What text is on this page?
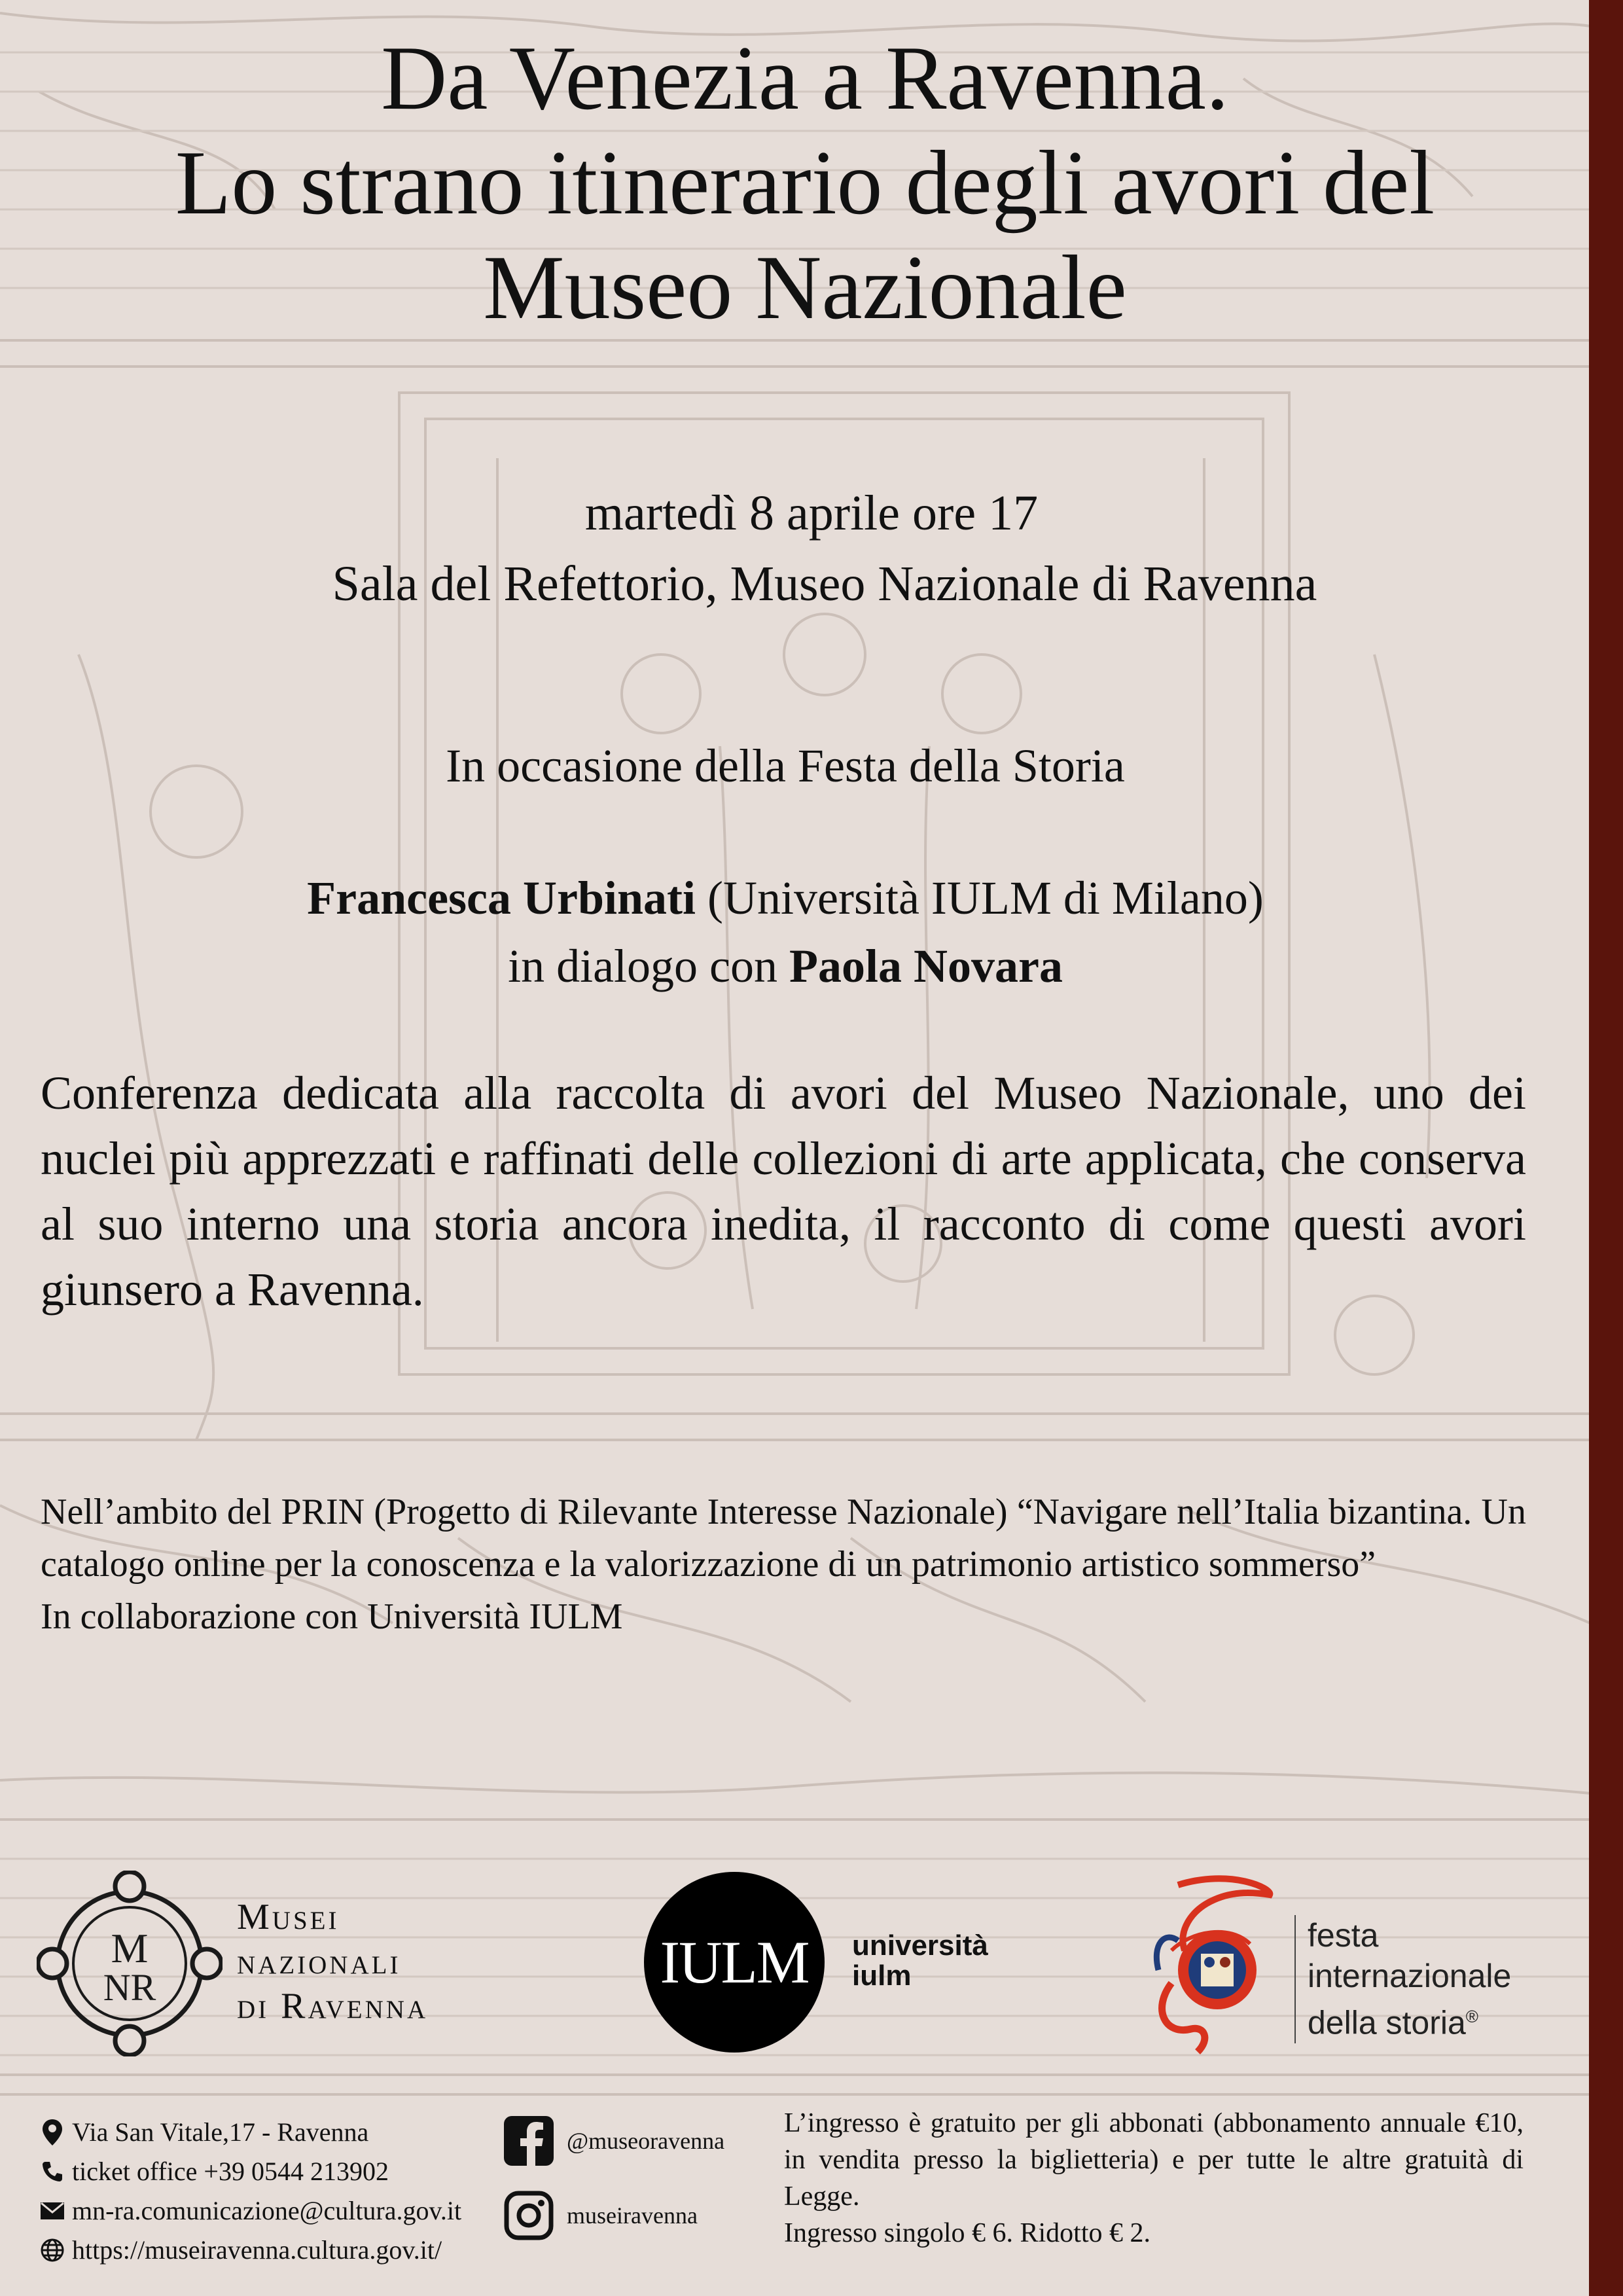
Da Venezia a Ravenna.
Lo strano itinerario degli avori del
Museo Nazionale
martedì 8 aprile ore 17
Sala del Refettorio, Museo Nazionale di Ravenna
In occasione della Festa della Storia
Francesca Urbinati (Università IULM di Milano)
in dialogo con Paola Novara
Conferenza dedicata alla raccolta di avori del Museo Nazionale, uno dei nuclei più apprezzati e raffinati delle collezioni di arte applicata, che conserva al suo interno una storia ancora inedita, il racconto di come questi avori giunsero a Ravenna.
Nell’ambito del PRIN (Progetto di Rilevante Interesse Nazionale) “Navigare nell’Italia bizantina. Un catalogo online per la conoscenza e la valorizzazione di un patrimonio artistico sommerso”
In collaborazione con Università IULM
M
NR
Musei
nazionali
di Ravenna
IULM	università
iulm
festa
internazionale
della storia®
Via San Vitale,17 - Ravenna
ticket office +39 0544 213902
mn-ra.comunicazione@cultura.gov.it
https://museiravenna.cultura.gov.it/
@museoravenna
museiravenna
L’ingresso è gratuito per gli abbonati (abbonamento annuale €10, in vendita presso la biglietteria) e per tutte le altre gratuità di Legge.
Ingresso singolo € 6. Ridotto € 2.
